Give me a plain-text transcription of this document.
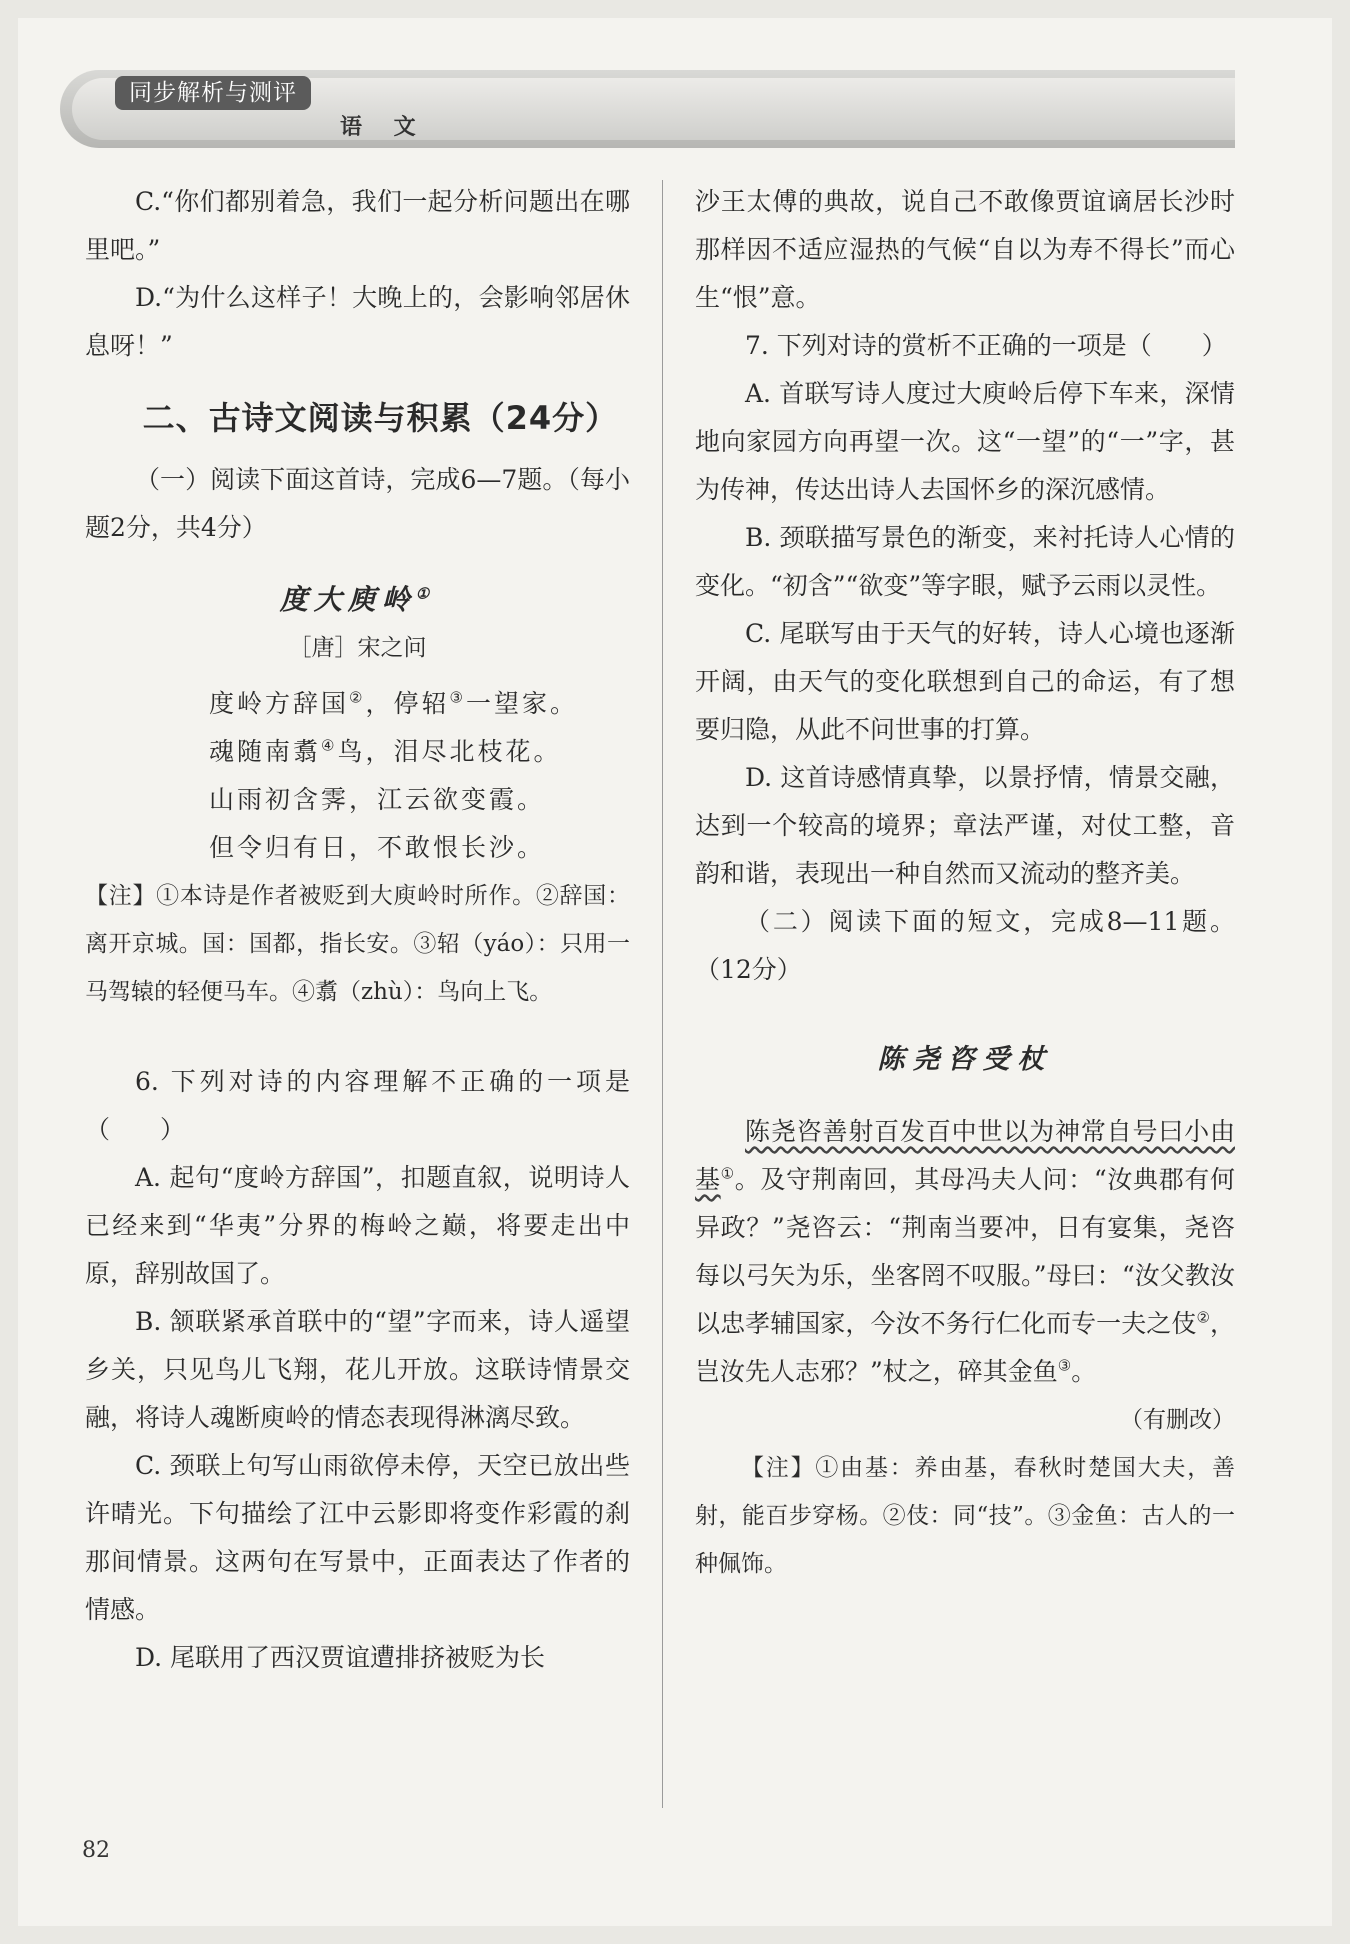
同步解析与测评
语 文

C.“你们都别着急，我们一起分析问题出在哪里吧。”

D.“为什么这样子！大晚上的，会影响邻居休息呀！”

二、古诗文阅读与积累（24分）

（一）阅读下面这首诗，完成6—7题。（每小题2分，共4分）

度大庾岭①
［唐］宋之问
度岭方辞国②，停轺③一望家。
魂随南翥④鸟，泪尽北枝花。
山雨初含霁，江云欲变霞。
但令归有日，不敢恨长沙。

【注】①本诗是作者被贬到大庾岭时所作。②辞国：离开京城。国：国都，指长安。③轺（yáo）：只用一马驾辕的轻便马车。④翥（zhù）：鸟向上飞。

6. 下列对诗的内容理解不正确的一项是（　　）

A. 起句“度岭方辞国”，扣题直叙，说明诗人已经来到“华夷”分界的梅岭之巅，将要走出中原，辞别故国了。

B. 颔联紧承首联中的“望”字而来，诗人遥望乡关，只见鸟儿飞翔，花儿开放。这联诗情景交融，将诗人魂断庾岭的情态表现得淋漓尽致。

C. 颈联上句写山雨欲停未停，天空已放出些许晴光。下句描绘了江中云影即将变作彩霞的刹那间情景。这两句在写景中，正面表达了作者的情感。

D. 尾联用了西汉贾谊遭排挤被贬为长

沙王太傅的典故，说自己不敢像贾谊谪居长沙时那样因不适应湿热的气候“自以为寿不得长”而心生“恨”意。

7. 下列对诗的赏析不正确的一项是（　　）

A. 首联写诗人度过大庾岭后停下车来，深情地向家园方向再望一次。这“一望”的“一”字，甚为传神，传达出诗人去国怀乡的深沉感情。

B. 颈联描写景色的渐变，来衬托诗人心情的变化。“初含”“欲变”等字眼，赋予云雨以灵性。

C. 尾联写由于天气的好转，诗人心境也逐渐开阔，由天气的变化联想到自己的命运，有了想要归隐，从此不问世事的打算。

D. 这首诗感情真挚，以景抒情，情景交融，达到一个较高的境界；章法严谨，对仗工整，音韵和谐，表现出一种自然而又流动的整齐美。

（二）阅读下面的短文，完成8—11题。（12分）

陈尧咨受杖

陈尧咨善射百发百中世以为神常自号曰小由基①。及守荆南回，其母冯夫人问：“汝典郡有何异政？”尧咨云：“荆南当要冲，日有宴集，尧咨每以弓矢为乐，坐客罔不叹服。”母曰：“汝父教汝以忠孝辅国家，今汝不务行仁化而专一夫之伎②，岂汝先人志邪？”杖之，碎其金鱼③。

（有删改）

【注】①由基：养由基，春秋时楚国大夫，善射，能百步穿杨。②伎：同“技”。③金鱼：古人的一种佩饰。

82
